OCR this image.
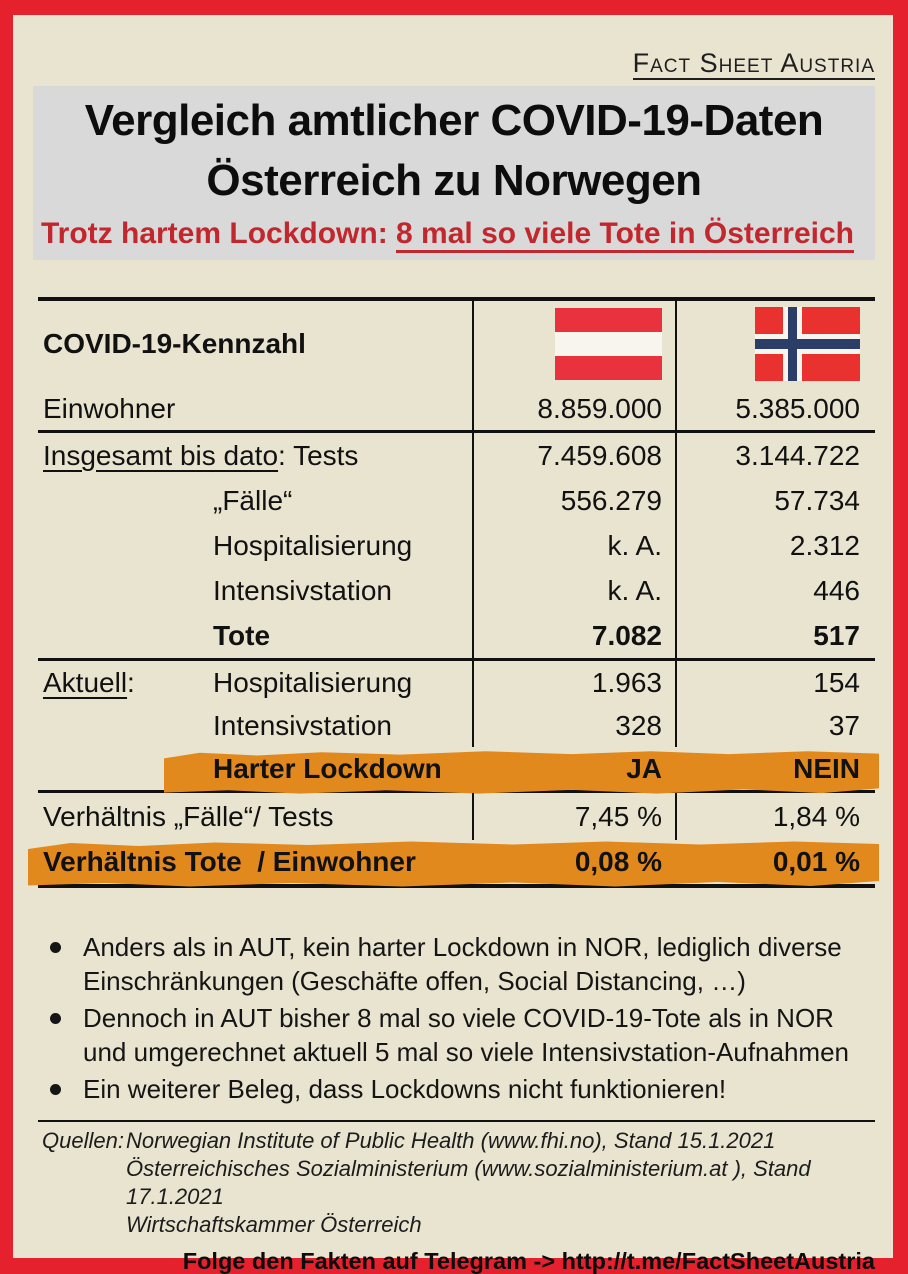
Fact Sheet Austria
Vergleich amtlicher COVID-19-Daten
Österreich zu Norwegen
Trotz hartem Lockdown: 8 mal so viele Tote in Österreich
COVID-19-Kennzahl
Einwohner	8.859.000	5.385.000
Insgesamt bis dato: Tests	7.459.608	3.144.722
„Fälle“	556.279	57.734
Hospitalisierung	k. A.	2.312
Intensivstation	k. A.	446
Tote	7.082	517
Aktuell:	Hospitalisierung	1.963	154
Intensivstation	328	37
Harter Lockdown	JA	NEIN
Verhältnis „Fälle“/ Tests	7,45 %	1,84 %
Verhältnis Tote  / Einwohner	0,08 %	0,01 %
Anders als in AUT, kein harter Lockdown in NOR, lediglich diverse Einschränkungen (Geschäfte offen, Social Distancing, …)
Dennoch in AUT bisher 8 mal so viele COVID-19-Tote als in NOR und umgerechnet aktuell 5 mal so viele Intensivstation-Aufnahmen
Ein weiterer Beleg, dass Lockdowns nicht funktionieren!
Quellen: Norwegian Institute of Public Health (www.fhi.no), Stand 15.1.2021
Österreichisches Sozialministerium (www.sozialministerium.at ), Stand 17.1.2021
Wirtschaftskammer Österreich
Folge den Fakten auf Telegram -> http://t.me/FactSheetAustria
